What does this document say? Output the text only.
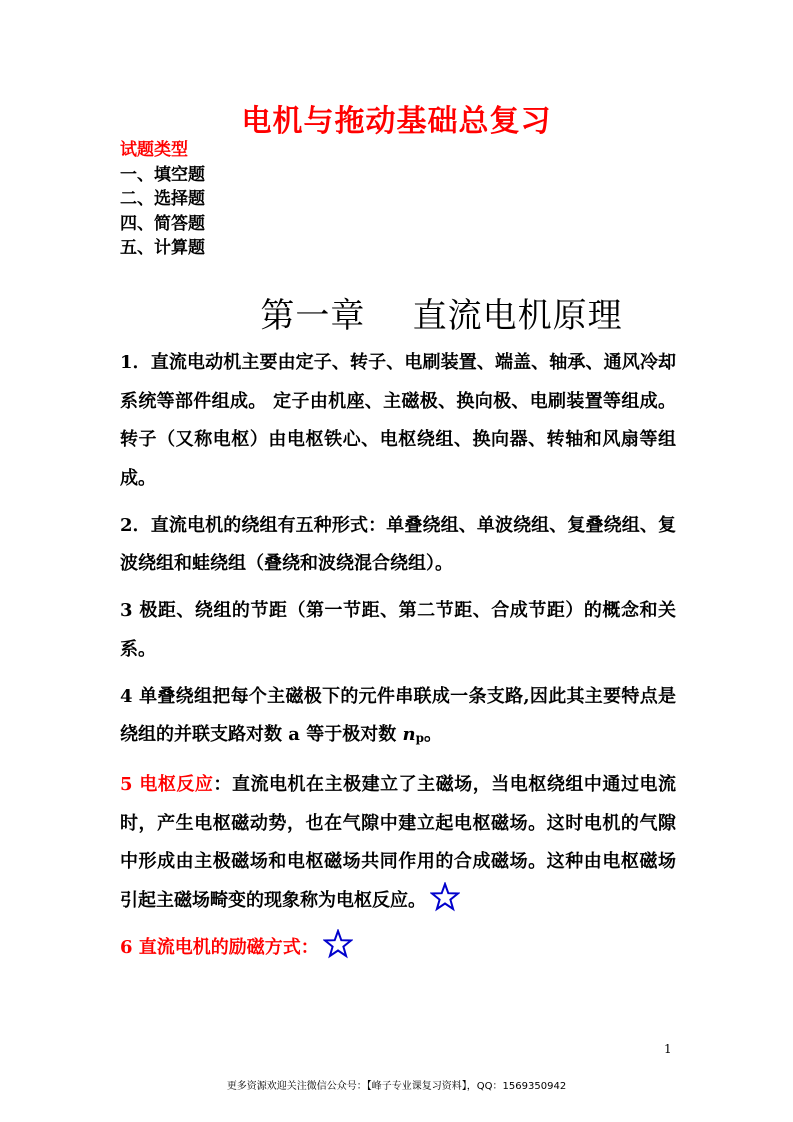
电机与拖动基础总复习
试题类型
一、填空题
二、选择题
四、简答题
五、计算题
第一章    直流电机原理

1．直流电动机主要由定子、转子、电刷装置、端盖、轴承、通风冷却系统等部件组成。 定子由机座、主磁极、换向极、电刷装置等组成。转子（又称电枢）由电枢铁心、电枢绕组、换向器、转轴和风扇等组成。

2．直流电机的绕组有五种形式：单叠绕组、单波绕组、复叠绕组、复波绕组和蛙绕组（叠绕和波绕混合绕组）。

3 极距、绕组的节距（第一节距、第二节距、合成节距）的概念和关系。

4 单叠绕组把每个主磁极下的元件串联成一条支路,因此其主要特点是绕组的并联支路对数 a 等于极对数 np。

5 电枢反应：直流电机在主极建立了主磁场，当电枢绕组中通过电流时，产生电枢磁动势，也在气隙中建立起电枢磁场。这时电机的气隙中形成由主极磁场和电枢磁场共同作用的合成磁场。这种由电枢磁场引起主磁场畸变的现象称为电枢反应。

6 直流电机的励磁方式：

1
更多资源欢迎关注微信公众号：【峰子专业课复习资料】，QQ：1569350942
